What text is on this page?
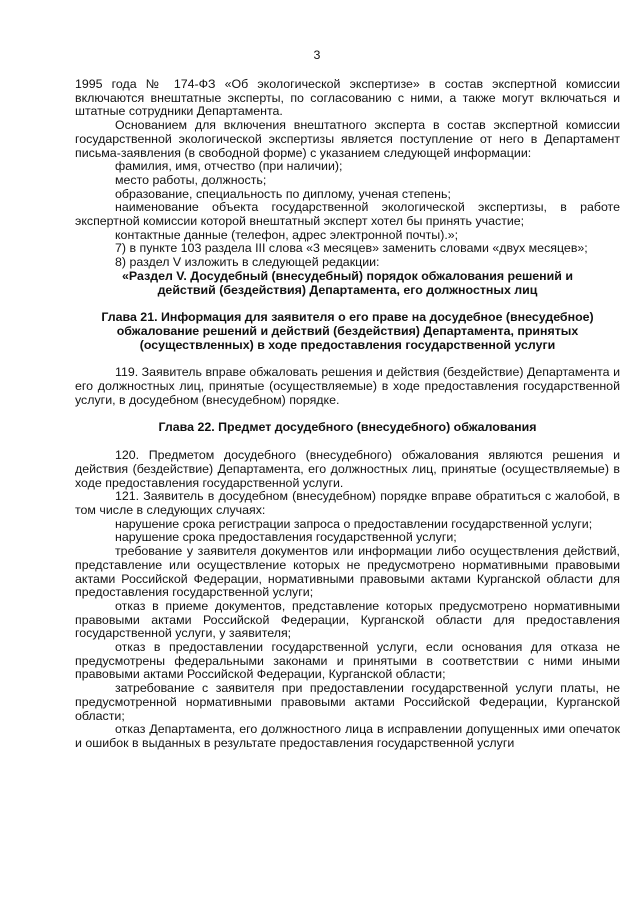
3

1995 года № 174-ФЗ «Об экологической экспертизе» в состав экспертной комиссии включаются внештатные эксперты, по согласованию с ними, а также могут включаться и штатные сотрудники Департамента.

Основанием для включения внештатного эксперта в состав экспертной комиссии государственной экологической экспертизы является поступление от него в Департамент письма-заявления (в свободной форме) с указанием следующей информации:

фамилия, имя, отчество (при наличии);

место работы, должность;

образование, специальность по диплому, ученая степень;

наименование объекта государственной экологической экспертизы, в работе экспертной комиссии которой внештатный эксперт хотел бы принять участие;

контактные данные (телефон, адрес электронной почты).»;

7) в пункте 103 раздела III слова «3 месяцев» заменить словами «двух месяцев»;

8) раздел V изложить в следующей редакции:

«Раздел V. Досудебный (внесудебный) порядок обжалования решений и действий (бездействия) Департамента, его должностных лиц

Глава 21. Информация для заявителя о его праве на досудебное (внесудебное) обжалование решений и действий (бездействия) Департамента, принятых (осуществленных) в ходе предоставления государственной услуги

119. Заявитель вправе обжаловать решения и действия (бездействие) Департамента и его должностных лиц, принятые (осуществляемые) в ходе предоставления государственной услуги, в досудебном (внесудебном) порядке.

Глава 22. Предмет досудебного (внесудебного) обжалования

120. Предметом досудебного (внесудебного) обжалования являются решения и действия (бездействие) Департамента, его должностных лиц, принятые (осуществляемые) в ходе предоставления государственной услуги.

121. Заявитель в досудебном (внесудебном) порядке вправе обратиться с жалобой, в том числе в следующих случаях:

нарушение срока регистрации запроса о предоставлении государственной услуги;

нарушение срока предоставления государственной услуги;

требование у заявителя документов или информации либо осуществления действий, представление или осуществление которых не предусмотрено нормативными правовыми актами Российской Федерации, нормативными правовыми актами Курганской области для предоставления государственной услуги;

отказ в приеме документов, представление которых предусмотрено нормативными правовыми актами Российской Федерации, Курганской области для предоставления государственной услуги, у заявителя;

отказ в предоставлении государственной услуги, если основания для отказа не предусмотрены федеральными законами и принятыми в соответствии с ними иными правовыми актами Российской Федерации, Курганской области;

затребование с заявителя при предоставлении государственной услуги платы, не предусмотренной нормативными правовыми актами Российской Федерации, Курганской области;

отказ Департамента, его должностного лица в исправлении допущенных ими опечаток и ошибок в выданных в результате предоставления государственной услуги
